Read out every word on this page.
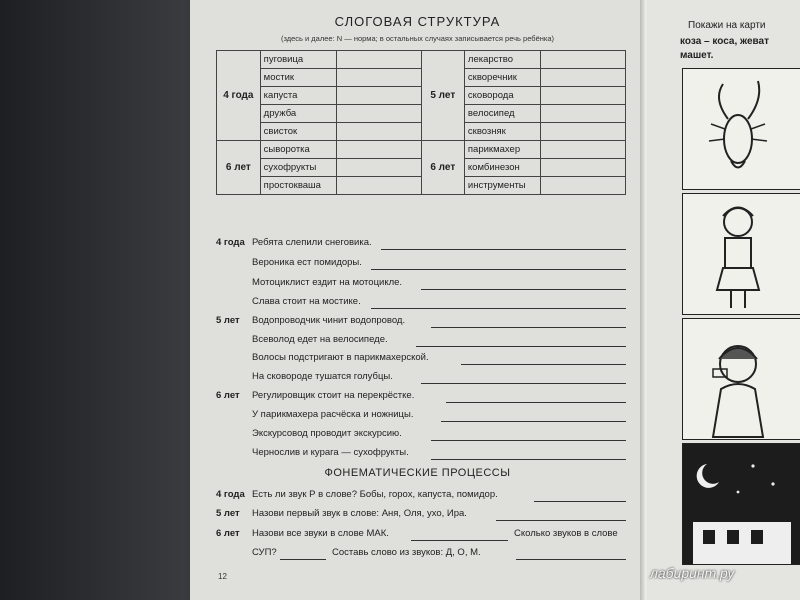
СЛОГОВАЯ СТРУКТУРА
(здесь и далее: N — норма; в остальных случаях записывается речь ребёнка)
4 года	пуговица		5 лет	лекарство	
	мостик			скворечник	
	капуста			сковорода	
	дружба			велосипед	
	свисток			сквозняк	
6 лет	сыворотка		6 лет	парикмахер	
	сухофрукты			комбинезон	
	простокваша			инструменты	
4 года Ребята слепили снеговика.
Вероника ест помидоры.
Мотоциклист ездит на мотоцикле.
Слава стоит на мостике.
5 лет	Водопроводчик чинит водопровод.
Всеволод едет на велосипеде.
Волосы подстригают в парикмахерской.
На сковороде тушатся голубцы.
6 лет	Регулировщик стоит на перекрёстке.
У парикмахера расчёска и ножницы.
Экскурсовод проводит экскурсию.
Чернослив и курага — сухофрукты.
ФОНЕМАТИЧЕСКИЕ ПРОЦЕССЫ
4 года Есть ли звук Р в слове? Бобы, горох, капуста, помидор.
5 лет	Назови первый звук в слове: Аня, Оля, ухо, Ира.
6 лет	Назови все звуки в слове МАК.	Сколько звуков в слове
СУП?	Составь слово из звуков: Д, О, М.
12
Покажи на карти
коза – коса, жеват
машет.
лабиринт.ру
